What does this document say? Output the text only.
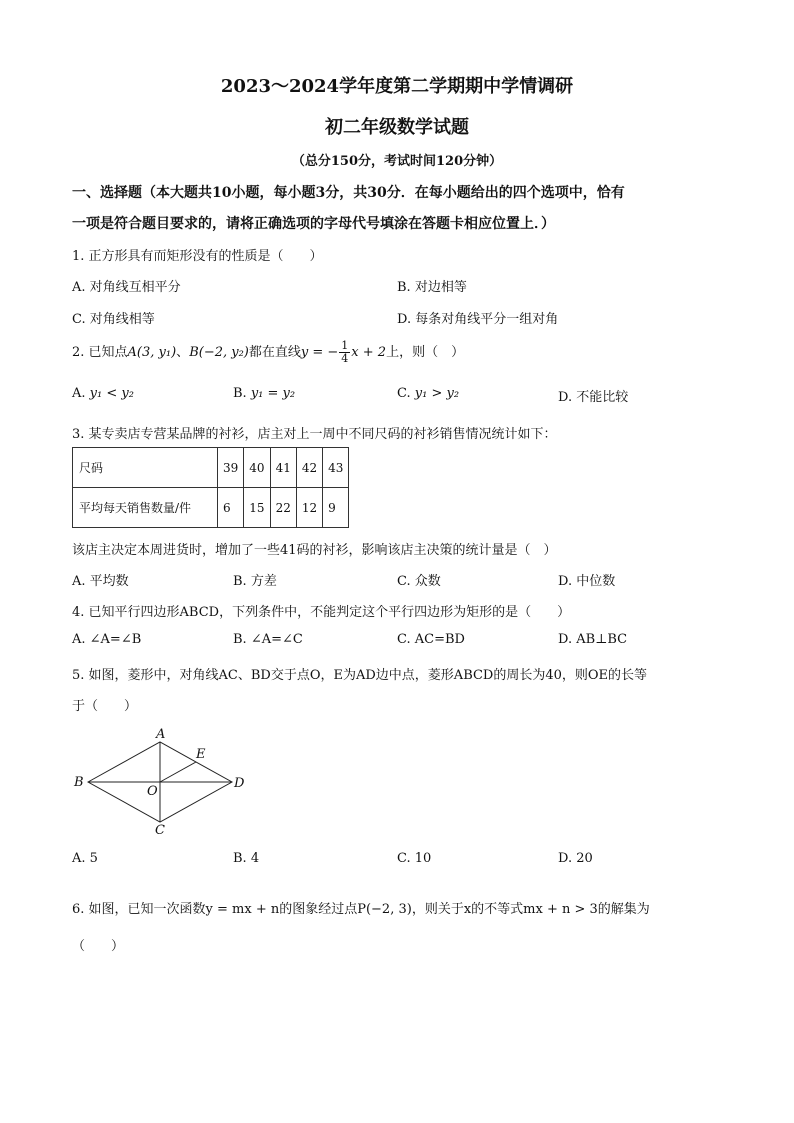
2023～2024学年度第二学期期中学情调研
初二年级数学试题
（总分150分，考试时间120分钟）
一、选择题（本大题共10小题，每小题3分，共30分．在每小题给出的四个选项中，恰有
一项是符合题目要求的，请将正确选项的字母代号填涂在答题卡相应位置上．）
1. 正方形具有而矩形没有的性质是（　　）
A. 对角线互相平分	B. 对边相等
C. 对角线相等	D. 每条对角线平分一组对角
2. 已知点A(3, y₁)、B(−2, y₂)都在直线y = − $\frac{1}{4}$ x + 2上，则（　）
A. y₁ < y₂	B. y₁ = y₂	C. y₁ > y₂	D. 不能比较
3. 某专卖店专营某品牌的衬衫，店主对上一周中不同尺码的衬衫销售情况统计如下：
尺码	39	40	41	42	43
平均每天销售数量/件	6	15	22	12	9
该店主决定本周进货时，增加了一些41码的衬衫，影响该店主决策的统计量是（　）
A. 平均数	B. 方差	C. 众数	D. 中位数
4. 已知平行四边形ABCD，下列条件中，不能判定这个平行四边形为矩形的是（　　）
A. ∠A=∠B	B. ∠A=∠C	C. AC=BD	D. AB⊥BC
5. 如图，菱形中，对角线AC、BD交于点O，E为AD边中点，菱形ABCD的周长为40，则OE的长等
于（　　）
A
B
C
D
E
O
A. 5	B. 4	C. 10	D. 20
6. 如图，已知一次函数y = mx + n的图象经过点P(−2, 3)，则关于x的不等式mx + n > 3的解集为
（　　）
